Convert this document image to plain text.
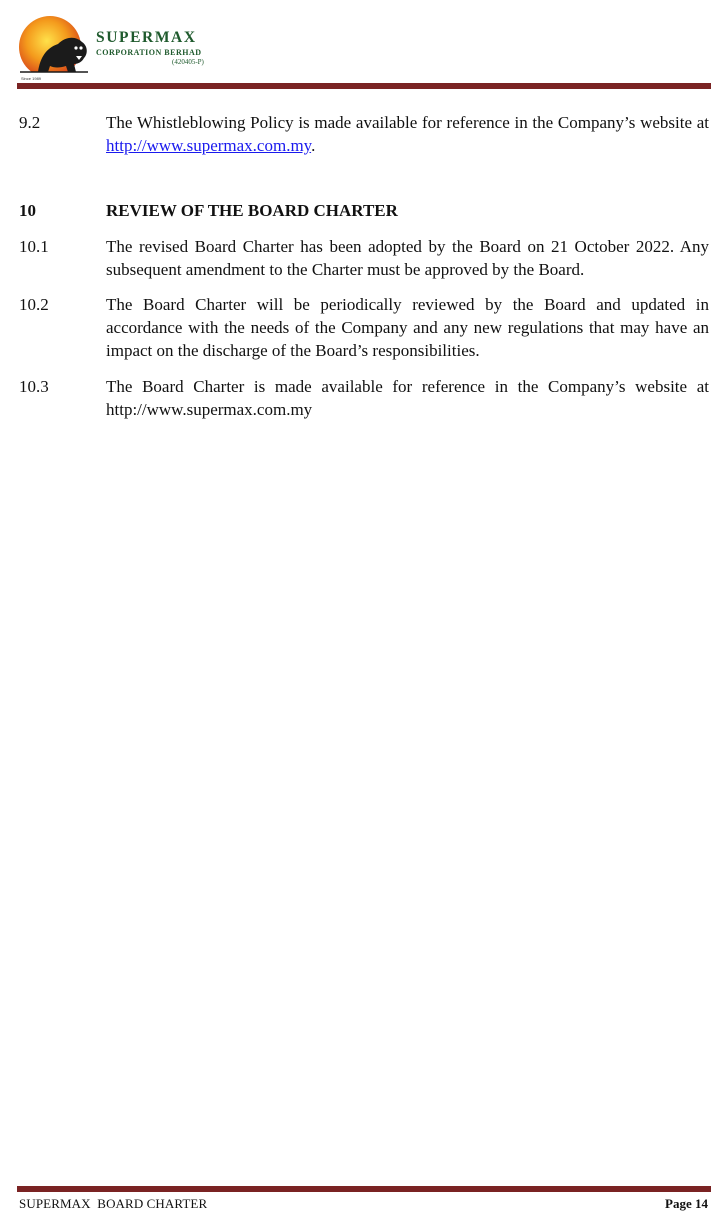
Since 1989
SUPERMAX
CORPORATION BERHAD
(420405-P)
9.2	The Whistleblowing Policy is made available for reference in the Company’s website at http://www.supermax.com.my.
10	REVIEW OF THE BOARD CHARTER
10.1	The revised Board Charter has been adopted by the Board on 21 October 2022. Any subsequent amendment to the Charter must be approved by the Board.
10.2	The Board Charter will be periodically reviewed by the Board and updated in accordance with the needs of the Company and any new regulations that may have an impact on the discharge of the Board’s responsibilities.
10.3	The Board Charter is made available for reference in the Company’s website at http://www.supermax.com.my
SUPERMAX  BOARD CHARTER	Page 14
